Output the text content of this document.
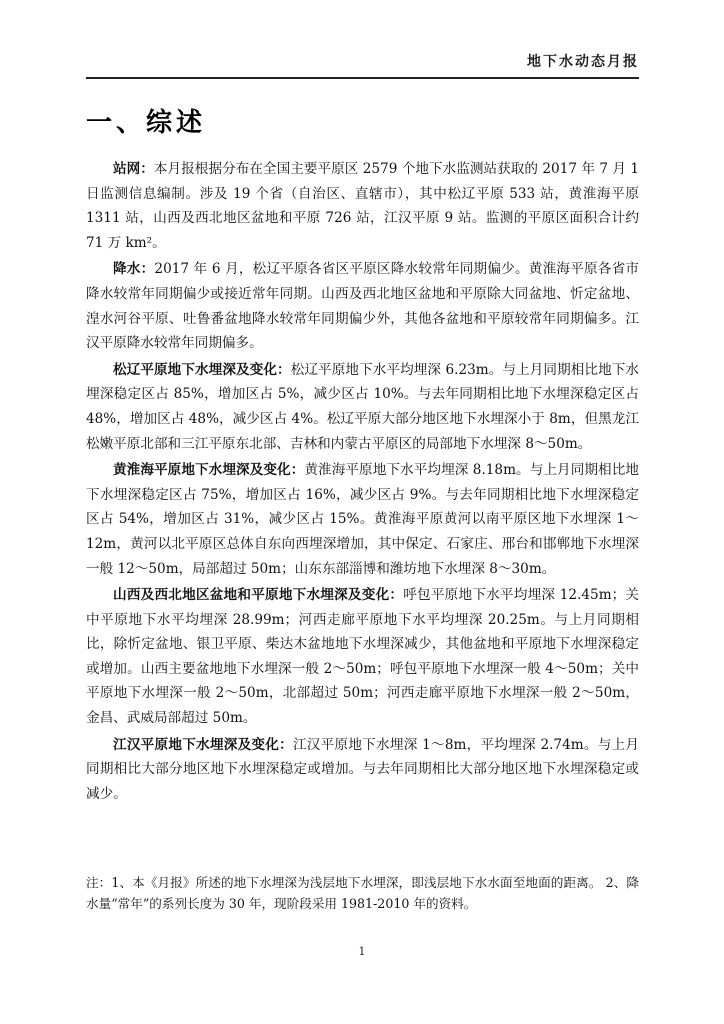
地下水动态月报
一、综述

站网：本月报根据分布在全国主要平原区 2579 个地下水监测站获取的 2017 年 7 月 1 日监测信息编制。涉及 19 个省（自治区、直辖市），其中松辽平原 533 站，黄淮海平原 1311 站，山西及西北地区盆地和平原 726 站，江汉平原 9 站。监测的平原区面积合计约 71 万 km²。

降水：2017 年 6 月，松辽平原各省区平原区降水较常年同期偏少。黄淮海平原各省市降水较常年同期偏少或接近常年同期。山西及西北地区盆地和平原除大同盆地、忻定盆地、湟水河谷平原、吐鲁番盆地降水较常年同期偏少外，其他各盆地和平原较常年同期偏多。江汉平原降水较常年同期偏多。

松辽平原地下水埋深及变化：松辽平原地下水平均埋深 6.23m。与上月同期相比地下水埋深稳定区占 85%，增加区占 5%，减少区占 10%。与去年同期相比地下水埋深稳定区占 48%，增加区占 48%，减少区占 4%。松辽平原大部分地区地下水埋深小于 8m，但黑龙江松嫩平原北部和三江平原东北部、吉林和内蒙古平原区的局部地下水埋深 8～50m。

黄淮海平原地下水埋深及变化：黄淮海平原地下水平均埋深 8.18m。与上月同期相比地下水埋深稳定区占 75%，增加区占 16%，减少区占 9%。与去年同期相比地下水埋深稳定区占 54%，增加区占 31%，减少区占 15%。黄淮海平原黄河以南平原区地下水埋深 1～12m，黄河以北平原区总体自东向西埋深增加，其中保定、石家庄、邢台和邯郸地下水埋深一般 12～50m，局部超过 50m；山东东部淄博和潍坊地下水埋深 8～30m。

山西及西北地区盆地和平原地下水埋深及变化：呼包平原地下水平均埋深 12.45m；关中平原地下水平均埋深 28.99m；河西走廊平原地下水平均埋深 20.25m。与上月同期相比，除忻定盆地、银卫平原、柴达木盆地地下水埋深减少，其他盆地和平原地下水埋深稳定或增加。山西主要盆地地下水埋深一般 2～50m；呼包平原地下水埋深一般 4～50m；关中平原地下水埋深一般 2～50m，北部超过 50m；河西走廊平原地下水埋深一般 2～50m，金昌、武威局部超过 50m。

江汉平原地下水埋深及变化：江汉平原地下水埋深 1～8m，平均埋深 2.74m。与上月同期相比大部分地区地下水埋深稳定或增加。与去年同期相比大部分地区地下水埋深稳定或减少。

注：1、本《月报》所述的地下水埋深为浅层地下水埋深，即浅层地下水水面至地面的距离。 2、降水量“常年”的系列长度为 30 年，现阶段采用 1981-2010 年的资料。

1
